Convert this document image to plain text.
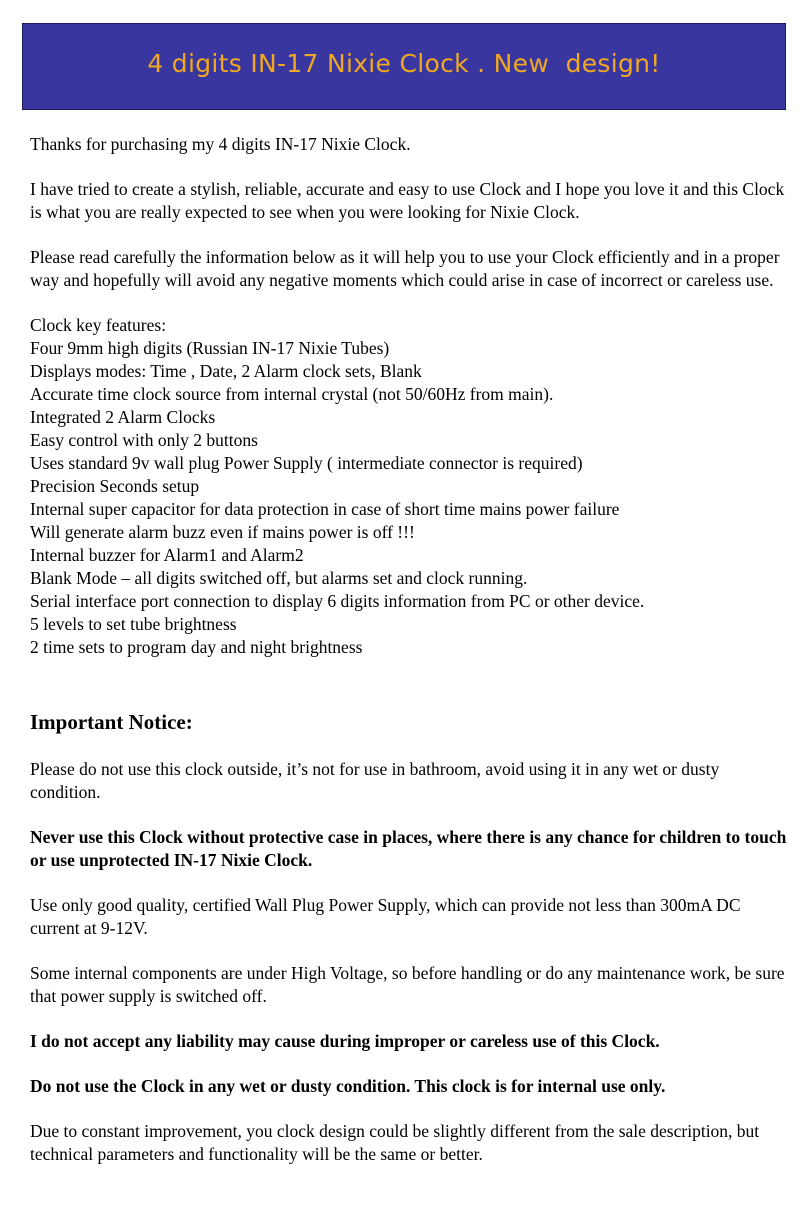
4 digits IN-17 Nixie Clock . New  design!

Thanks for purchasing my 4 digits IN-17 Nixie Clock.

I have tried to create a stylish, reliable, accurate and easy to use Clock and I hope you love it and this Clock is what you are really expected to see when you were looking for Nixie Clock.

Please read carefully the information below as it will help you to use your Clock efficiently and in a proper way and hopefully will avoid any negative moments which could arise in case of incorrect or careless use.

Clock key features:
Four 9mm high digits (Russian IN-17 Nixie Tubes)
Displays modes: Time , Date, 2 Alarm clock sets, Blank
Accurate time clock source from internal crystal (not 50/60Hz from main).
Integrated 2 Alarm Clocks
Easy control with only 2 buttons
Uses standard 9v wall plug Power Supply ( intermediate connector is required)
Precision Seconds setup
Internal super capacitor for data protection in case of short time mains power failure
Will generate alarm buzz even if mains power is off !!!
Internal buzzer for Alarm1 and Alarm2
Blank Mode – all digits switched off, but alarms set and clock running.
Serial interface port connection to display 6 digits information from PC or other device.
5 levels to set tube brightness
2 time sets to program day and night brightness

Important Notice:

Please do not use this clock outside, it’s not for use in bathroom, avoid using it in any wet or dusty condition.

Never use this Clock without protective case in places, where there is any chance for children to touch or use unprotected IN-17 Nixie Clock.

Use only good quality, certified Wall Plug Power Supply, which can provide not less than 300mA DC current at 9-12V.

Some internal components are under High Voltage, so before handling or do any maintenance work, be sure that power supply is switched off.

I do not accept any liability may cause during improper or careless use of this Clock.

Do not use the Clock in any wet or dusty condition. This clock is for internal use only.

Due to constant improvement, you clock design could be slightly different from the sale description, but technical parameters and functionality will be the same or better.
